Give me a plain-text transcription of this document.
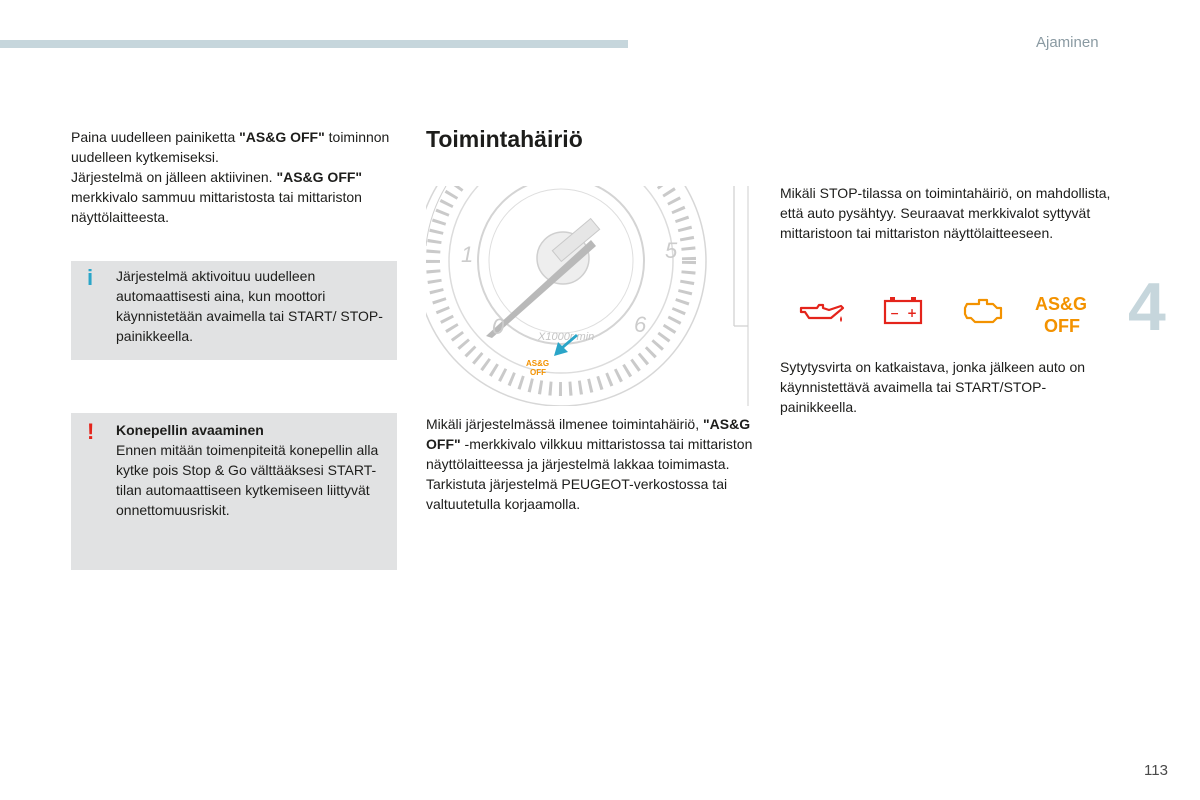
Ajaminen
4
Paina uudelleen painiketta "AS&G OFF" toiminnon uudelleen kytkemiseksi.
Järjestelmä on jälleen aktiivinen. "AS&G OFF" merkkivalo sammuu mittaristosta tai mittariston näyttölaitteesta.
i Järjestelmä aktivoituu uudelleen automaattisesti aina, kun moottori käynnistetään avaimella tai START/ STOP-painikkeella.
! Konepellin avaaminen
Ennen mitään toimenpiteitä konepellin alla kytke pois Stop & Go välttääksesi START-tilan automaattiseen kytkemiseen liittyvät onnettomuusriskit.
Toimintahäiriö
1	5
0	6
X1000r min
AS&G
OFF
Mikäli järjestelmässä ilmenee toimintahäiriö, "AS&G OFF" -merkkivalo vilkkuu mittaristossa tai mittariston näyttölaitteessa ja järjestelmä lakkaa toimimasta.
Tarkistuta järjestelmä PEUGEOT-verkostossa tai valtuutetulla korjaamolla.
Mikäli STOP-tilassa on toimintahäiriö, on mahdollista, että auto pysähtyy. Seuraavat merkkivalot syttyvät mittaristoon tai mittariston näyttölaitteeseen.
− +	AS&G
OFF
Sytytysvirta on katkaistava, jonka jälkeen auto on käynnistettävä avaimella tai START/STOP-painikkeella.
113
